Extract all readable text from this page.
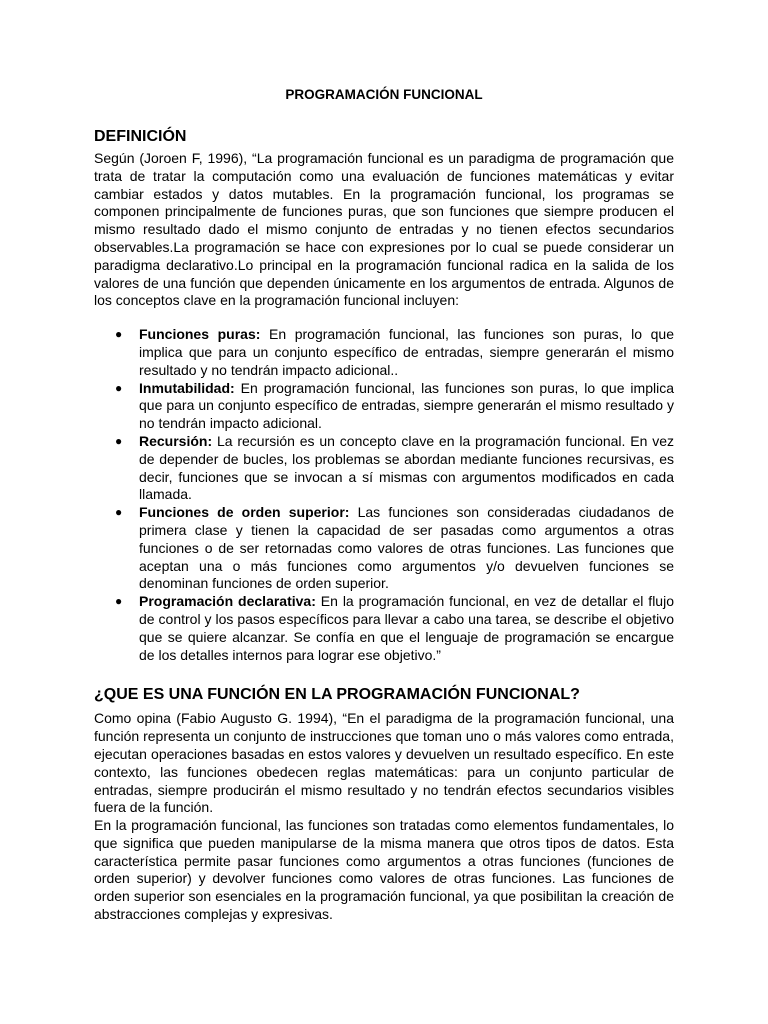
PROGRAMACIÓN FUNCIONAL
DEFINICIÓN

Según (Joroen F, 1996), “La programación funcional es un paradigma de programación que trata de tratar la computación como una evaluación de funciones matemáticas y evitar cambiar estados y datos mutables. En la programación funcional, los programas se componen principalmente de funciones puras, que son funciones que siempre producen el mismo resultado dado el mismo conjunto de entradas y no tienen efectos secundarios observables.La programación se hace con expresiones por lo cual se puede considerar un paradigma declarativo.Lo principal en la programación funcional radica en la salida de los valores de una función que dependen únicamente en los argumentos de entrada. Algunos de los conceptos clave en la programación funcional incluyen:

● Funciones puras: En programación funcional, las funciones son puras, lo que implica que para un conjunto específico de entradas, siempre generarán el mismo resultado y no tendrán impacto adicional..
● Inmutabilidad: En programación funcional, las funciones son puras, lo que implica que para un conjunto específico de entradas, siempre generarán el mismo resultado y no tendrán impacto adicional.
● Recursión: La recursión es un concepto clave en la programación funcional. En vez de depender de bucles, los problemas se abordan mediante funciones recursivas, es decir, funciones que se invocan a sí mismas con argumentos modificados en cada llamada.
● Funciones de orden superior: Las funciones son consideradas ciudadanos de primera clase y tienen la capacidad de ser pasadas como argumentos a otras funciones o de ser retornadas como valores de otras funciones. Las funciones que aceptan una o más funciones como argumentos y/o devuelven funciones se denominan funciones de orden superior.
● Programación declarativa: En la programación funcional, en vez de detallar el flujo de control y los pasos específicos para llevar a cabo una tarea, se describe el objetivo que se quiere alcanzar. Se confía en que el lenguaje de programación se encargue de los detalles internos para lograr ese objetivo.”
¿QUE ES UNA FUNCIÓN EN LA PROGRAMACIÓN FUNCIONAL?

Como opina (Fabio Augusto G. 1994), “En el paradigma de la programación funcional, una función representa un conjunto de instrucciones que toman uno o más valores como entrada, ejecutan operaciones basadas en estos valores y devuelven un resultado específico. En este contexto, las funciones obedecen reglas matemáticas: para un conjunto particular de entradas, siempre producirán el mismo resultado y no tendrán efectos secundarios visibles fuera de la función.

En la programación funcional, las funciones son tratadas como elementos fundamentales, lo que significa que pueden manipularse de la misma manera que otros tipos de datos. Esta característica permite pasar funciones como argumentos a otras funciones (funciones de orden superior) y devolver funciones como valores de otras funciones. Las funciones de orden superior son esenciales en la programación funcional, ya que posibilitan la creación de abstracciones complejas y expresivas.
